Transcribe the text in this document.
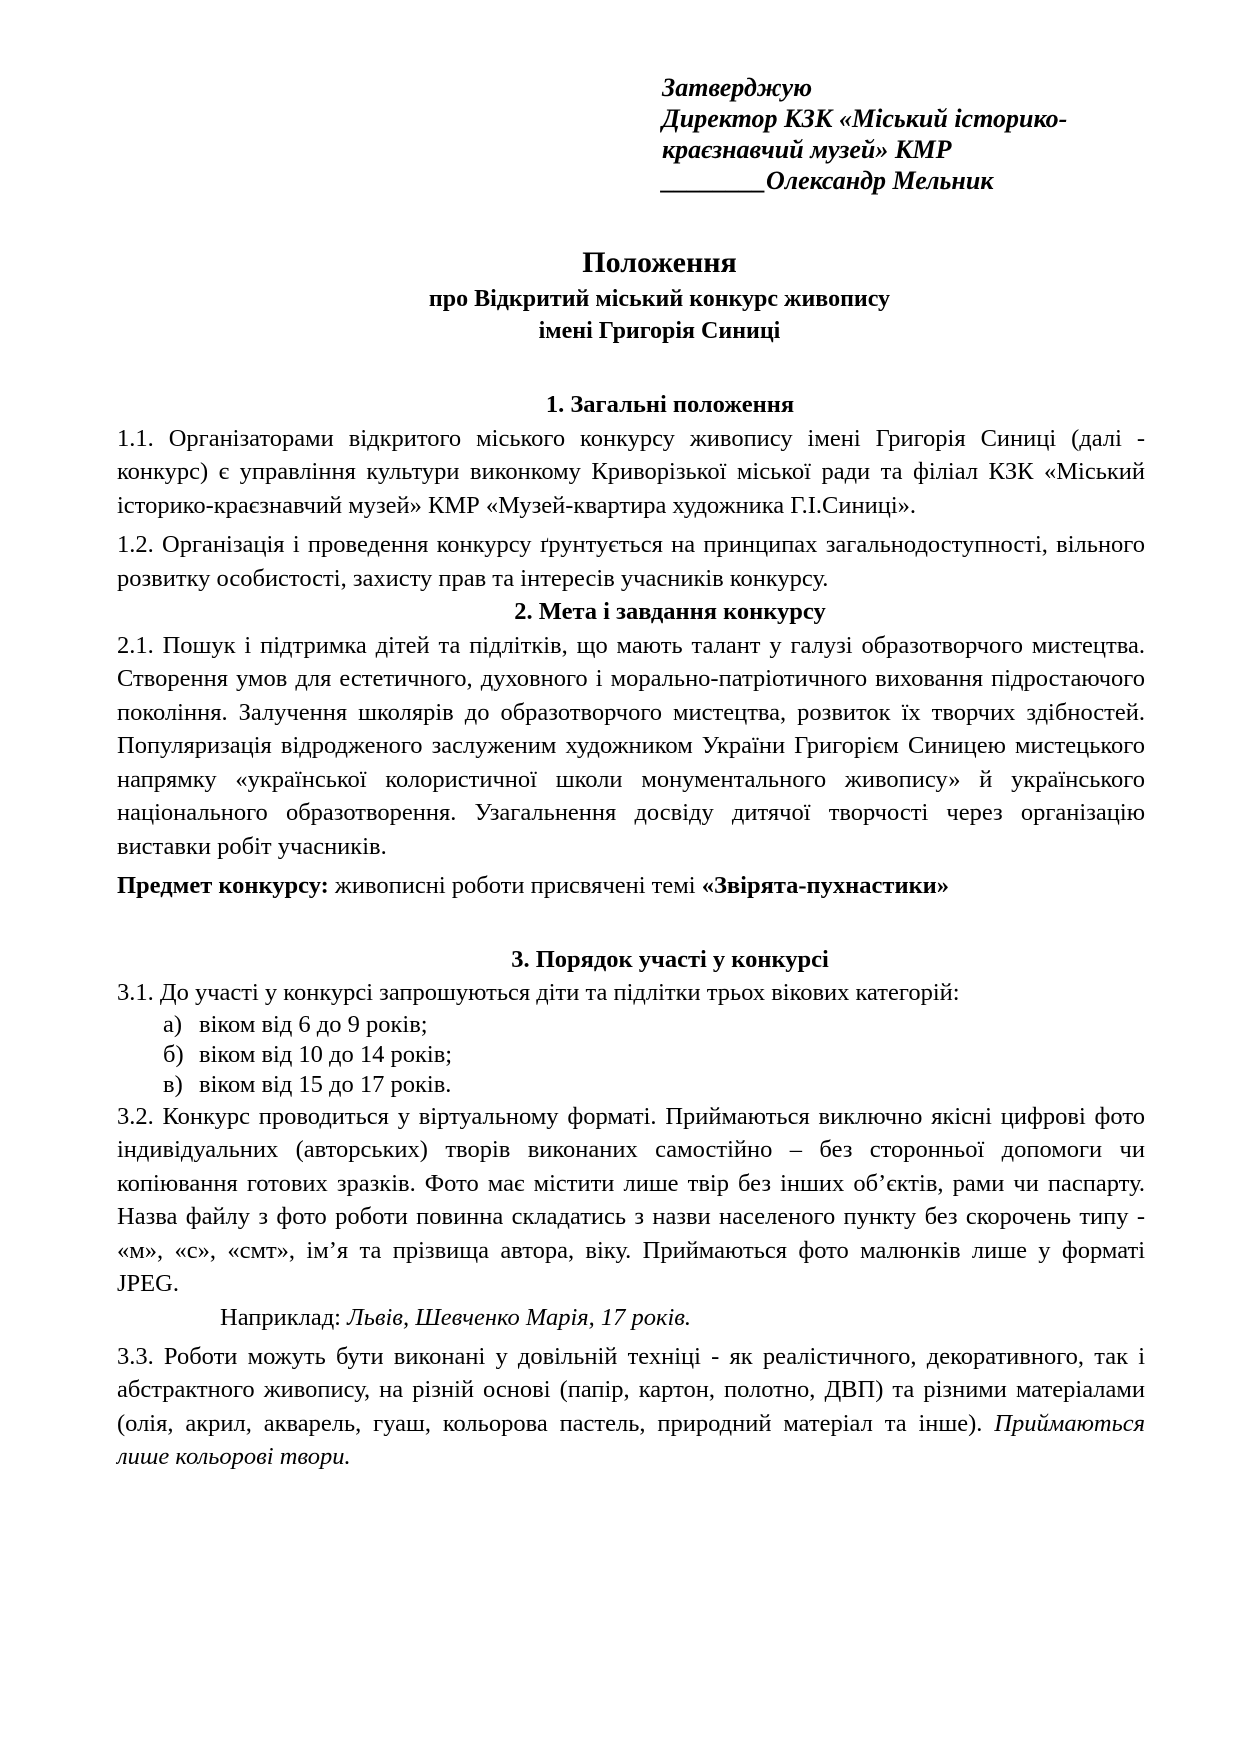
Затверджую
Директор КЗК «Міський історико-
краєзнавчий музей» КМР
________Олександр Мельник
Положення
про Відкритий міський конкурс живопису
імені Григорія Синиці
1. Загальні положення

1.1. Організаторами відкритого міського конкурсу живопису імені Григорія Синиці (далі - конкурс) є управління культури виконкому Криворізької міської ради та філіал КЗК «Міський історико-краєзнавчий музей» КМР «Музей-квартира художника Г.І.Синиці».

1.2. Організація і проведення конкурсу ґрунтується на принципах загальнодоступності, вільного розвитку особистості, захисту прав та інтересів учасників конкурсу.

2. Мета і завдання конкурсу

2.1. Пошук і підтримка дітей та підлітків, що мають талант у галузі образотворчого мистецтва. Створення умов для естетичного, духовного і морально-патріотичного виховання підростаючого покоління. Залучення школярів до образотворчого мистецтва, розвиток їх творчих здібностей. Популяризація відродженого заслуженим художником України Григорієм Синицею мистецького напрямку «української колористичної школи монументального живопису» й українського національного образотворення. Узагальнення досвіду дитячої творчості через організацію виставки робіт учасників.

Предмет конкурсу: живописні роботи присвячені темі «Звірята-пухнастики»

3. Порядок участі у конкурсі

3.1. До участі у конкурсі запрошуються діти та підлітки трьох вікових категорій:

а) віком від 6 до 9 років;
б) віком від 10 до 14 років;
в) віком від 15 до 17 років.

3.2. Конкурс проводиться у віртуальному форматі. Приймаються виключно якісні цифрові фото індивідуальних (авторських) творів виконаних самостійно – без сторонньої допомоги чи копіювання готових зразків. Фото має містити лише твір без інших об’єктів, рами чи паспарту. Назва файлу з фото роботи повинна складатись з назви населеного пункту без скорочень типу - «м», «с», «смт», ім’я та прізвища автора, віку. Приймаються фото малюнків лише у форматі JPEG.

Наприклад: Львів, Шевченко Марія, 17 років.

3.3. Роботи можуть бути виконані у довільній техніці - як реалістичного, декоративного, так і абстрактного живопису, на різній основі (папір, картон, полотно, ДВП) та різними матеріалами (олія, акрил, акварель, гуаш, кольорова пастель, природний матеріал та інше). Приймаються лише кольорові твори.
